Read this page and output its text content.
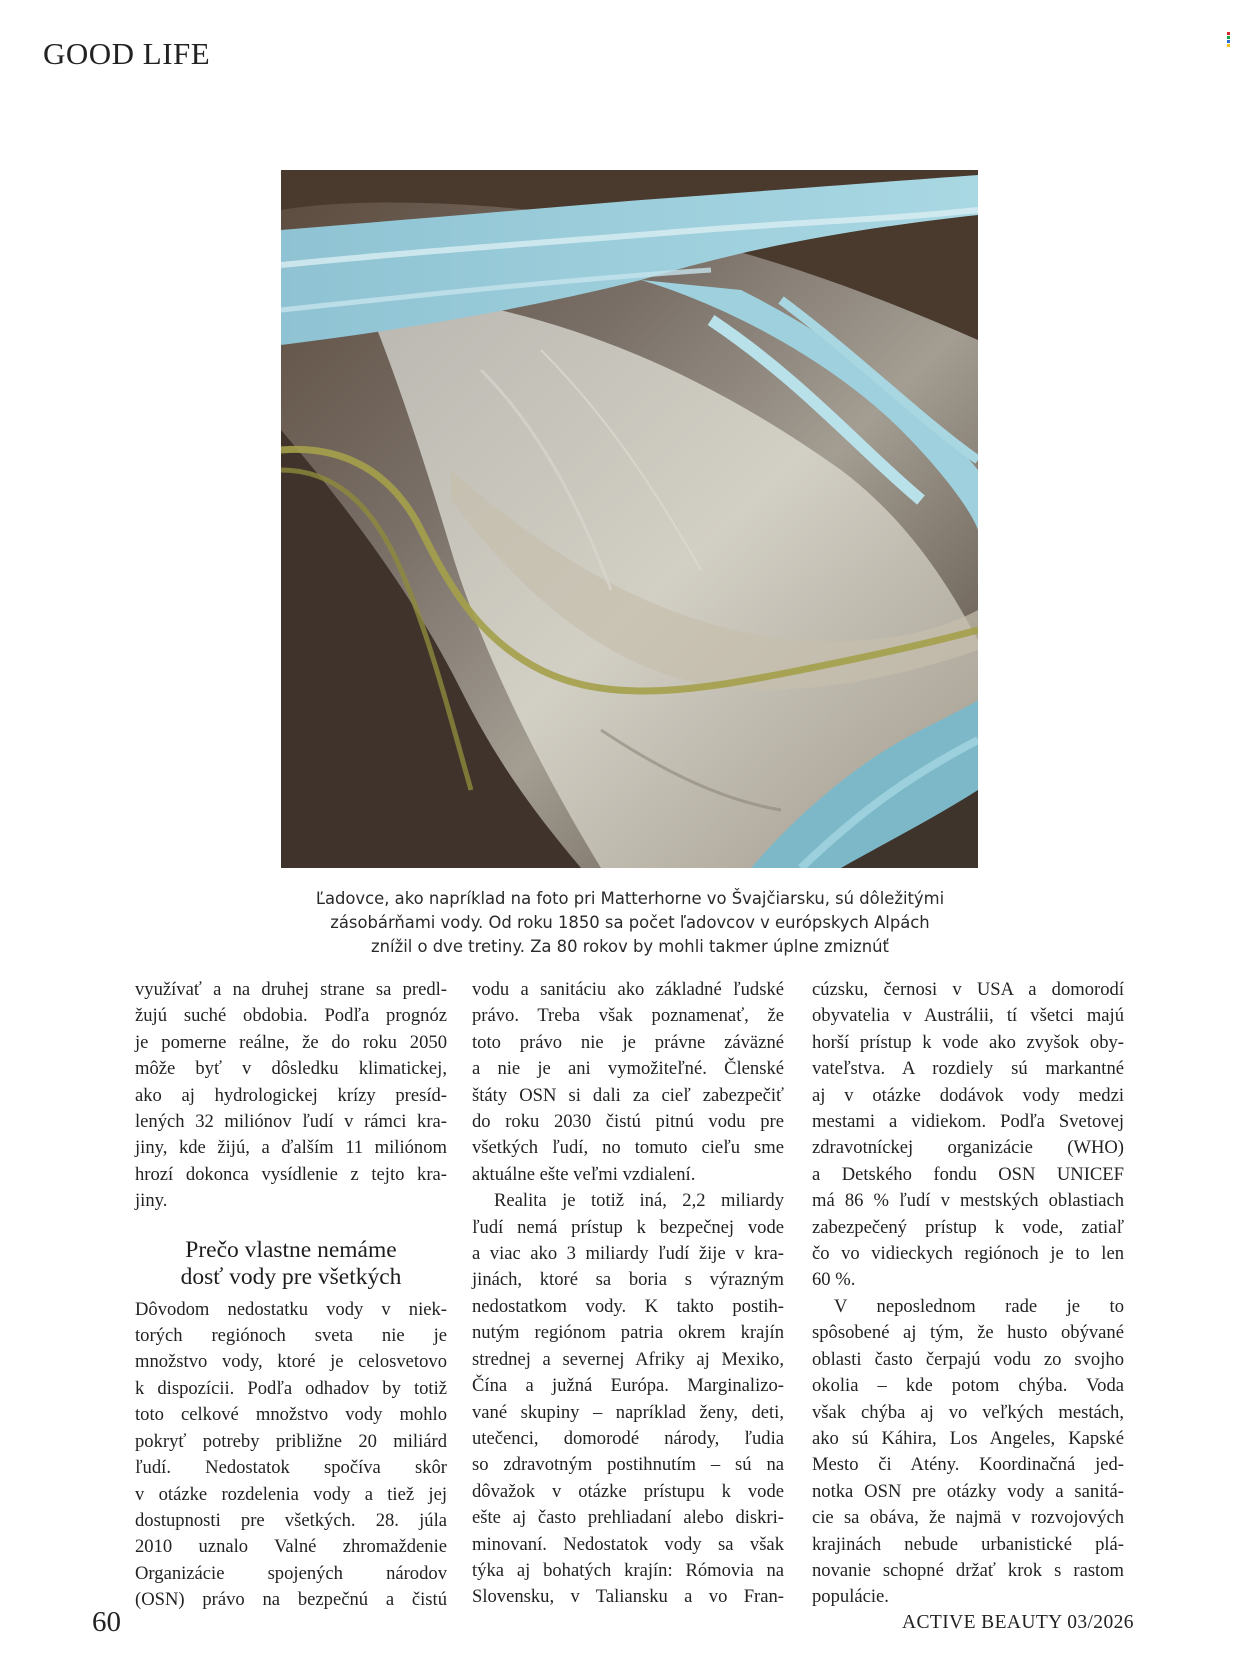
GOOD LIFE
Ľadovce, ako napríklad na foto pri Matterhorne vo Švajčiarsku, sú dôležitými
zásobárňami vody. Od roku 1850 sa počet ľadovcov v európskych Alpách
znížil o dve tretiny. Za 80 rokov by mohli takmer úplne zmiznúť
využívať a na druhej strane sa predl-
žujú suché obdobia. Podľa prognóz
je pomerne reálne, že do roku 2050
môže byť v dôsledku klimatickej,
ako aj hydrologickej krízy presíd-
lených 32 miliónov ľudí v rámci kra-
jiny, kde žijú, a ďalším 11 miliónom
hrozí dokonca vysídlenie z tejto kra-
jiny.
Prečo vlastne nemáme
dosť vody pre všetkých
Dôvodom nedostatku vody v niek-
torých regiónoch sveta nie je
množstvo vody, ktoré je celosvetovo
k dispozícii. Podľa odhadov by totiž
toto celkové množstvo vody mohlo
pokryť potreby približne 20 miliárd
ľudí. Nedostatok spočíva skôr
v otázke rozdelenia vody a tiež jej
dostupnosti pre všetkých. 28. júla
2010 uznalo Valné zhromaždenie
Organizácie spojených národov
(OSN) právo na bezpečnú a čistú
vodu a sanitáciu ako základné ľudské
právo. Treba však poznamenať, že
toto právo nie je právne záväzné
a nie je ani vymožiteľné. Členské
štáty OSN si dali za cieľ zabezpečiť
do roku 2030 čistú pitnú vodu pre
všetkých ľudí, no tomuto cieľu sme
aktuálne ešte veľmi vzdialení.
Realita je totiž iná, 2,2 miliardy
ľudí nemá prístup k bezpečnej vode
a viac ako 3 miliardy ľudí žije v kra-
jinách, ktoré sa boria s výrazným
nedostatkom vody. K takto postih-
nutým regiónom patria okrem krajín
strednej a severnej Afriky aj Mexiko,
Čína a južná Európa. Marginalizo-
vané skupiny – napríklad ženy, deti,
utečenci, domorodé národy, ľudia
so zdravotným postihnutím – sú na
dôvažok v otázke prístupu k vode
ešte aj často prehliadaní alebo diskri-
minovaní. Nedostatok vody sa však
týka aj bohatých krajín: Rómovia na
Slovensku, v Taliansku a vo Fran-
cúzsku, černosi v USA a domorodí
obyvatelia v Austrálii, tí všetci majú
horší prístup k vode ako zvyšok oby-
vateľstva. A rozdiely sú markantné
aj v otázke dodávok vody medzi
mestami a vidiekom. Podľa Svetovej
zdravotníckej organizácie (WHO)
a Detského fondu OSN UNICEF
má 86 % ľudí v mestských oblastiach
zabezpečený prístup k vode, zatiaľ
čo vo vidieckych regiónoch je to len
60 %.
V neposlednom rade je to
spôsobené aj tým, že husto obývané
oblasti často čerpajú vodu zo svojho
okolia – kde potom chýba. Voda
však chýba aj vo veľkých mestách,
ako sú Káhira, Los Angeles, Kapské
Mesto či Atény. Koordinačná jed-
notka OSN pre otázky vody a sanitá-
cie sa obáva, že najmä v rozvojových
krajinách nebude urbanistické plá-
novanie schopné držať krok s rastom
populácie.
60	ACTIVE BEAUTY 03/2026
